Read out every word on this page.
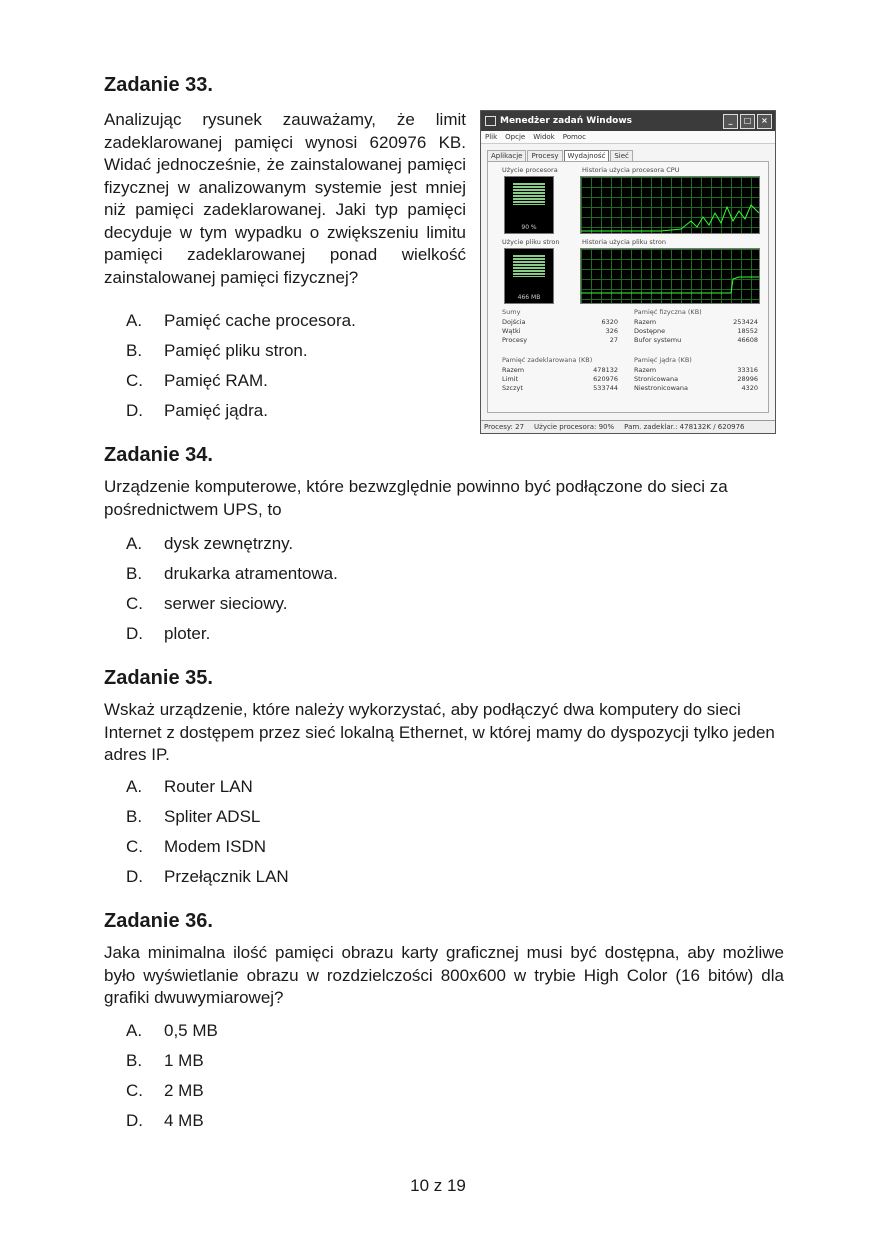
Zadanie 33.

Analizując rysunek zauważamy, że limit zadeklarowanej pamięci wynosi 620976 KB. Widać jednocześnie, że zainstalowanej pamięci fizycznej w analizowanym systemie jest mniej niż pamięci zadeklarowanej. Jaki typ pamięci decyduje w tym wypadku o zwiększeniu limitu pamięci zadeklarowanej ponad wielkość zainstalowanej pamięci fizycznej?

A. Pamięć cache procesora.
B. Pamięć pliku stron.
C. Pamięć RAM.
D. Pamięć jądra.
Menedżer zadań Windows	_	□	×
Plik Opcje Widok Pomoc
Aplikacje	Procesy	Wydajność	Sieć
Użycie procesora
90 %
Historia użycia procesora CPU
Użycie pliku stron
466 MB
Historia użycia pliku stron
Sumy
Dojścia	6320
Wątki	326
Procesy	27
Pamięć fizyczna (KB)
Razem	253424
Dostępne	18552
Bufor systemu	46608
Pamięć zadeklarowana (KB)
Razem	478132
Limit	620976
Szczyt	533744
Pamięć jądra (KB)
Razem	33316
Stronicowana	28996
Niestronicowana	4320
Procesy: 27 Użycie procesora: 90% Pam. zadeklar.: 478132K / 620976
Zadanie 34.

Urządzenie komputerowe, które bezwzględnie powinno być podłączone do sieci za pośrednictwem UPS, to

A. dysk zewnętrzny.
B. drukarka atramentowa.
C. serwer sieciowy.
D. ploter.
Zadanie 35.

Wskaż urządzenie, które należy wykorzystać, aby podłączyć dwa komputery do sieci Internet z dostępem przez sieć lokalną Ethernet, w której mamy do dyspozycji tylko jeden adres IP.

A. Router LAN
B. Spliter ADSL
C. Modem ISDN
D. Przełącznik LAN
Zadanie 36.

Jaka minimalna ilość pamięci obrazu karty graficznej musi być dostępna, aby możliwe było wyświetlanie obrazu w rozdzielczości 800x600 w trybie High Color (16 bitów) dla grafiki dwuwymiarowej?

A. 0,5 MB
B. 1 MB
C. 2 MB
D. 4 MB
10 z 19
